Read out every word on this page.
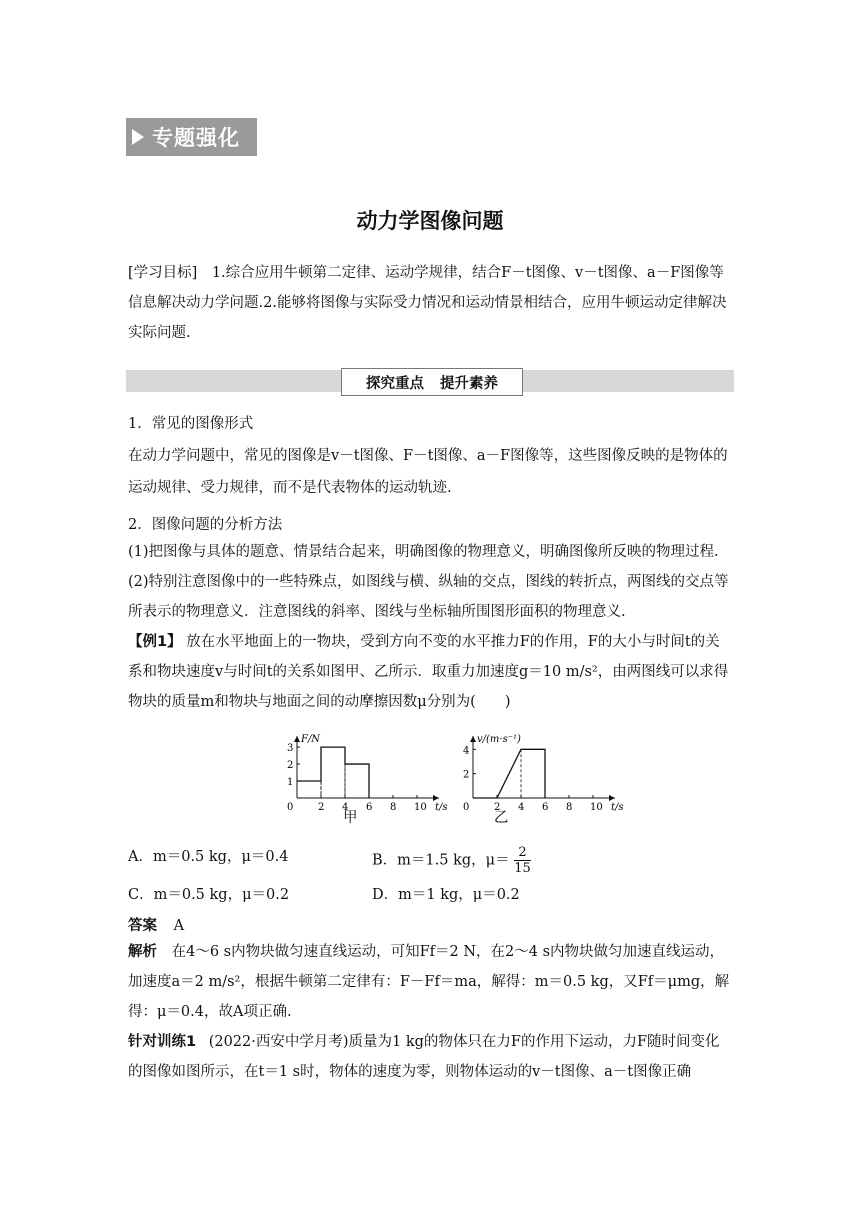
专题强化
动力学图像问题
[学习目标]　1.综合应用牛顿第二定律、运动学规律，结合F－t图像、v－t图像、a－F图像等信息解决动力学问题.2.能够将图像与实际受力情况和运动情景相结合，应用牛顿运动定律解决实际问题.
探究重点 提升素养
1．常见的图像形式
在动力学问题中，常见的图像是v－t图像、F－t图像、a－F图像等，这些图像反映的是物体的运动规律、受力规律，而不是代表物体的运动轨迹.
2．图像问题的分析方法
(1)把图像与具体的题意、情景结合起来，明确图像的物理意义，明确图像所反映的物理过程.
(2)特别注意图像中的一些特殊点，如图线与横、纵轴的交点，图线的转折点，两图线的交点等所表示的物理意义．注意图线的斜率、图线与坐标轴所围图形面积的物理意义.
【例1】 放在水平地面上的一物块，受到方向不变的水平推力F的作用，F的大小与时间t的关系和物块速度v与时间t的关系如图甲、乙所示．取重力加速度g＝10 m/s²，由两图线可以求得物块的质量m和物块与地面之间的动摩擦因数μ分别为(　　)
F/N
t/s
0 2 4 6 8 10
1
2
3
甲
v/(m·s⁻¹)
t/s
0 2 4 6 8 10
2
4
乙
A．m＝0.5 kg，μ＝0.4	B．m＝1.5 kg，$\mu= \frac{2}{15}$
C．m＝0.5 kg，μ＝0.2	D．m＝1 kg，μ＝0.2
答案 A
解析 在4～6 s内物块做匀速直线运动，可知Ff＝2 N，在2～4 s内物块做匀加速直线运动，加速度a＝2 m/s²，根据牛顿第二定律有：F－Ff＝ma，解得：m＝0.5 kg，又Ff＝μmg，解得：μ＝0.4，故A项正确.
针对训练1 (2022·西安中学月考)质量为1 kg的物体只在力F的作用下运动，力F随时间变化的图像如图所示，在t＝1 s时，物体的速度为零，则物体运动的v－t图像、a－t图像正确
